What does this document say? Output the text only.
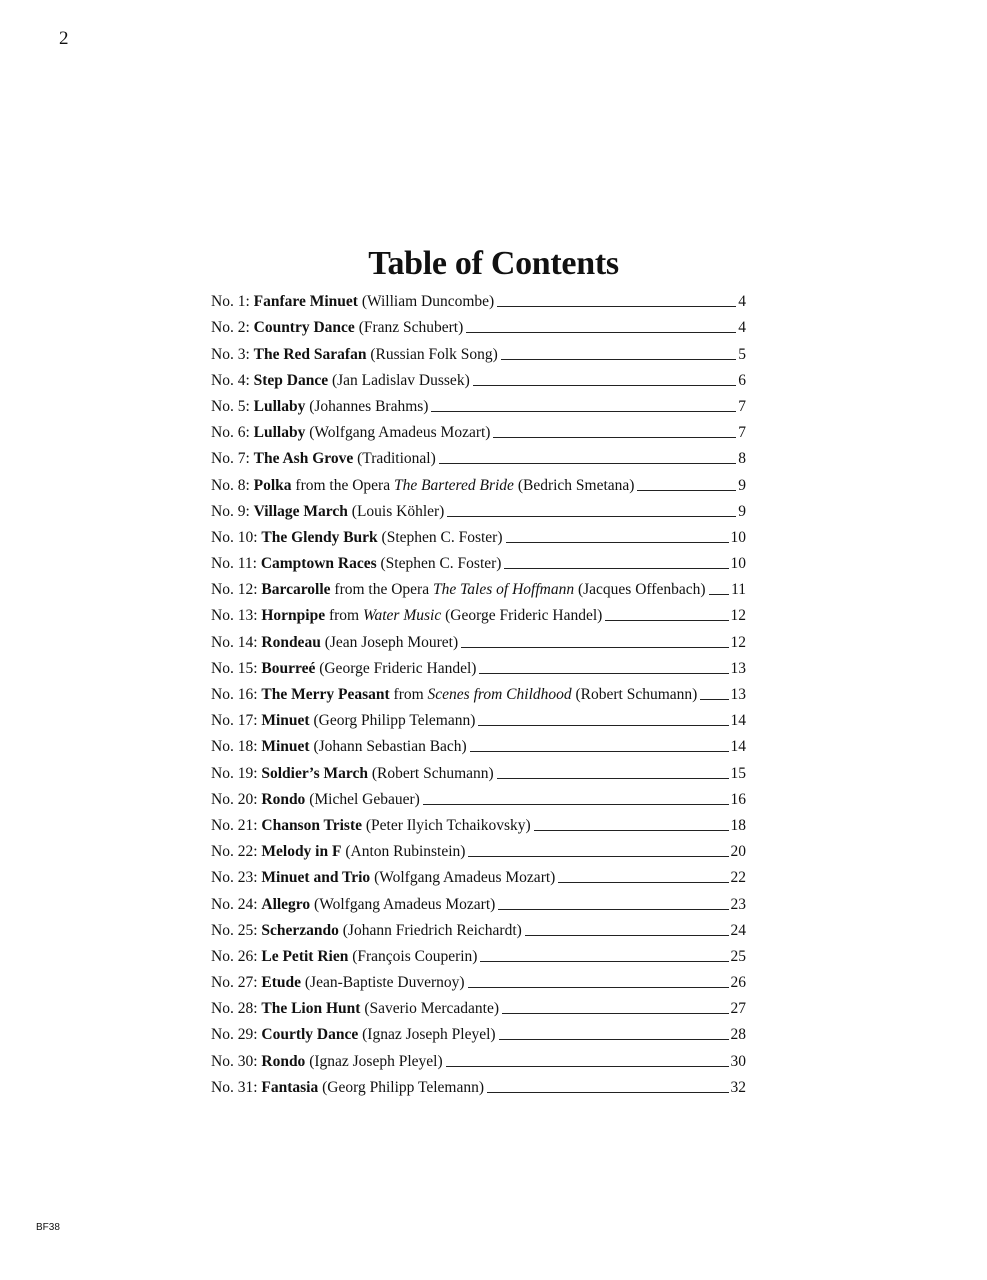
2
Table of Contents
No. 1: Fanfare Minuet (William Duncombe)	4
No. 2: Country Dance (Franz Schubert)	4
No. 3: The Red Sarafan (Russian Folk Song)	5
No. 4: Step Dance (Jan Ladislav Dussek)	6
No. 5: Lullaby (Johannes Brahms)	7
No. 6: Lullaby (Wolfgang Amadeus Mozart)	7
No. 7: The Ash Grove (Traditional)	8
No. 8: Polka from the Opera The Bartered Bride (Bedrich Smetana)	9
No. 9: Village March (Louis Köhler)	9
No. 10: The Glendy Burk (Stephen C. Foster)	10
No. 11: Camptown Races (Stephen C. Foster)	10
No. 12: Barcarolle from the Opera The Tales of Hoffmann (Jacques Offenbach) 11
No. 13: Hornpipe from Water Music (George Frideric Handel)	12
No. 14: Rondeau (Jean Joseph Mouret)	12
No. 15: Bourreé (George Frideric Handel)	13
No. 16: The Merry Peasant from Scenes from Childhood (Robert Schumann) 13
No. 17: Minuet (Georg Philipp Telemann)	14
No. 18: Minuet (Johann Sebastian Bach)	14
No. 19: Soldier’s March (Robert Schumann)	15
No. 20: Rondo (Michel Gebauer)	16
No. 21: Chanson Triste (Peter Ilyich Tchaikovsky)	18
No. 22: Melody in F (Anton Rubinstein)	20
No. 23: Minuet and Trio (Wolfgang Amadeus Mozart)	22
No. 24: Allegro (Wolfgang Amadeus Mozart)	23
No. 25: Scherzando (Johann Friedrich Reichardt)	24
No. 26: Le Petit Rien (François Couperin)	25
No. 27: Etude (Jean-Baptiste Duvernoy)	26
No. 28: The Lion Hunt (Saverio Mercadante)	27
No. 29: Courtly Dance (Ignaz Joseph Pleyel)	28
No. 30: Rondo (Ignaz Joseph Pleyel)	30
No. 31: Fantasia (Georg Philipp Telemann)	32
BF38
